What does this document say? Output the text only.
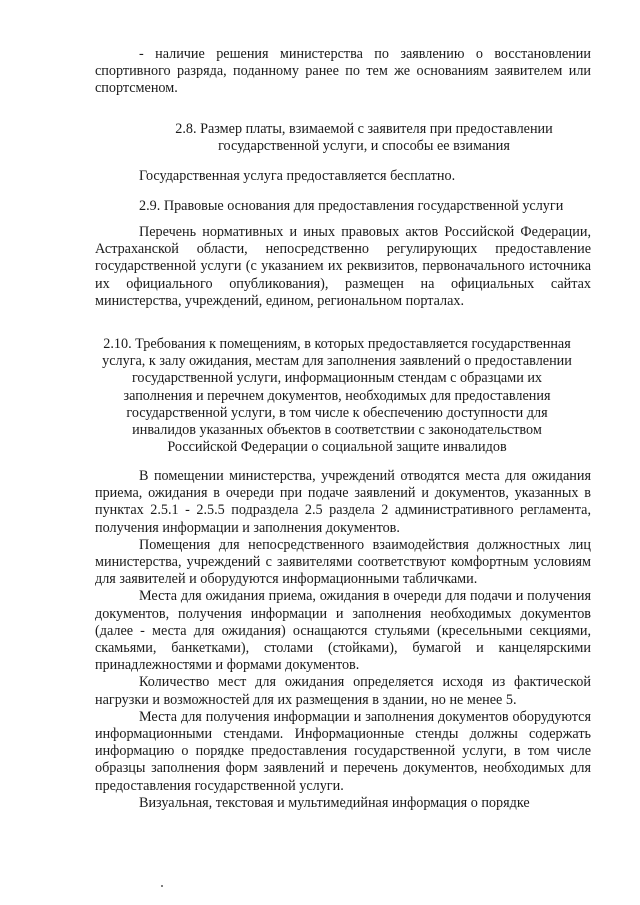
- наличие решения министерства по заявлению о восстановлении спортивного разряда, поданному ранее по тем же основаниям заявителем или спортсменом.

2.8. Размер платы, взимаемой с заявителя при предоставлении государственной услуги, и способы ее взимания

Государственная услуга предоставляется бесплатно.

2.9. Правовые основания для предоставления государственной услуги

Перечень нормативных и иных правовых актов Российской Федерации, Астраханской области, непосредственно регулирующих предоставление государственной услуги (с указанием их реквизитов, первоначального источника их официального опубликования), размещен на официальных сайтах министерства, учреждений, едином, региональном порталах.

2.10. Требования к помещениям, в которых предоставляется государственная услуга, к залу ожидания, местам для заполнения заявлений о предоставлении государственной услуги, информационным стендам с образцами их заполнения и перечнем документов, необходимых для предоставления государственной услуги, в том числе к обеспечению доступности для инвалидов указанных объектов в соответствии с законодательством Российской Федерации о социальной защите инвалидов

В помещении министерства, учреждений отводятся места для ожидания приема, ожидания в очереди при подаче заявлений и документов, указанных в пунктах 2.5.1 - 2.5.5 подраздела 2.5 раздела 2 административного регламента, получения информации и заполнения документов.

Помещения для непосредственного взаимодействия должностных лиц министерства, учреждений с заявителями соответствуют комфортным условиям для заявителей и оборудуются информационными табличками.

Места для ожидания приема, ожидания в очереди для подачи и получения документов, получения информации и заполнения необходимых документов (далее - места для ожидания) оснащаются стульями (кресельными секциями, скамьями, банкетками), столами (стойками), бумагой и канцелярскими принадлежностями и формами документов.

Количество мест для ожидания определяется исходя из фактической нагрузки и возможностей для их размещения в здании, но не менее 5.

Места для получения информации и заполнения документов оборудуются информационными стендами. Информационные стенды должны содержать информацию о порядке предоставления государственной услуги, в том числе образцы заполнения форм заявлений и перечень документов, необходимых для предоставления государственной услуги.

Визуальная, текстовая и мультимедийная информация о порядке
